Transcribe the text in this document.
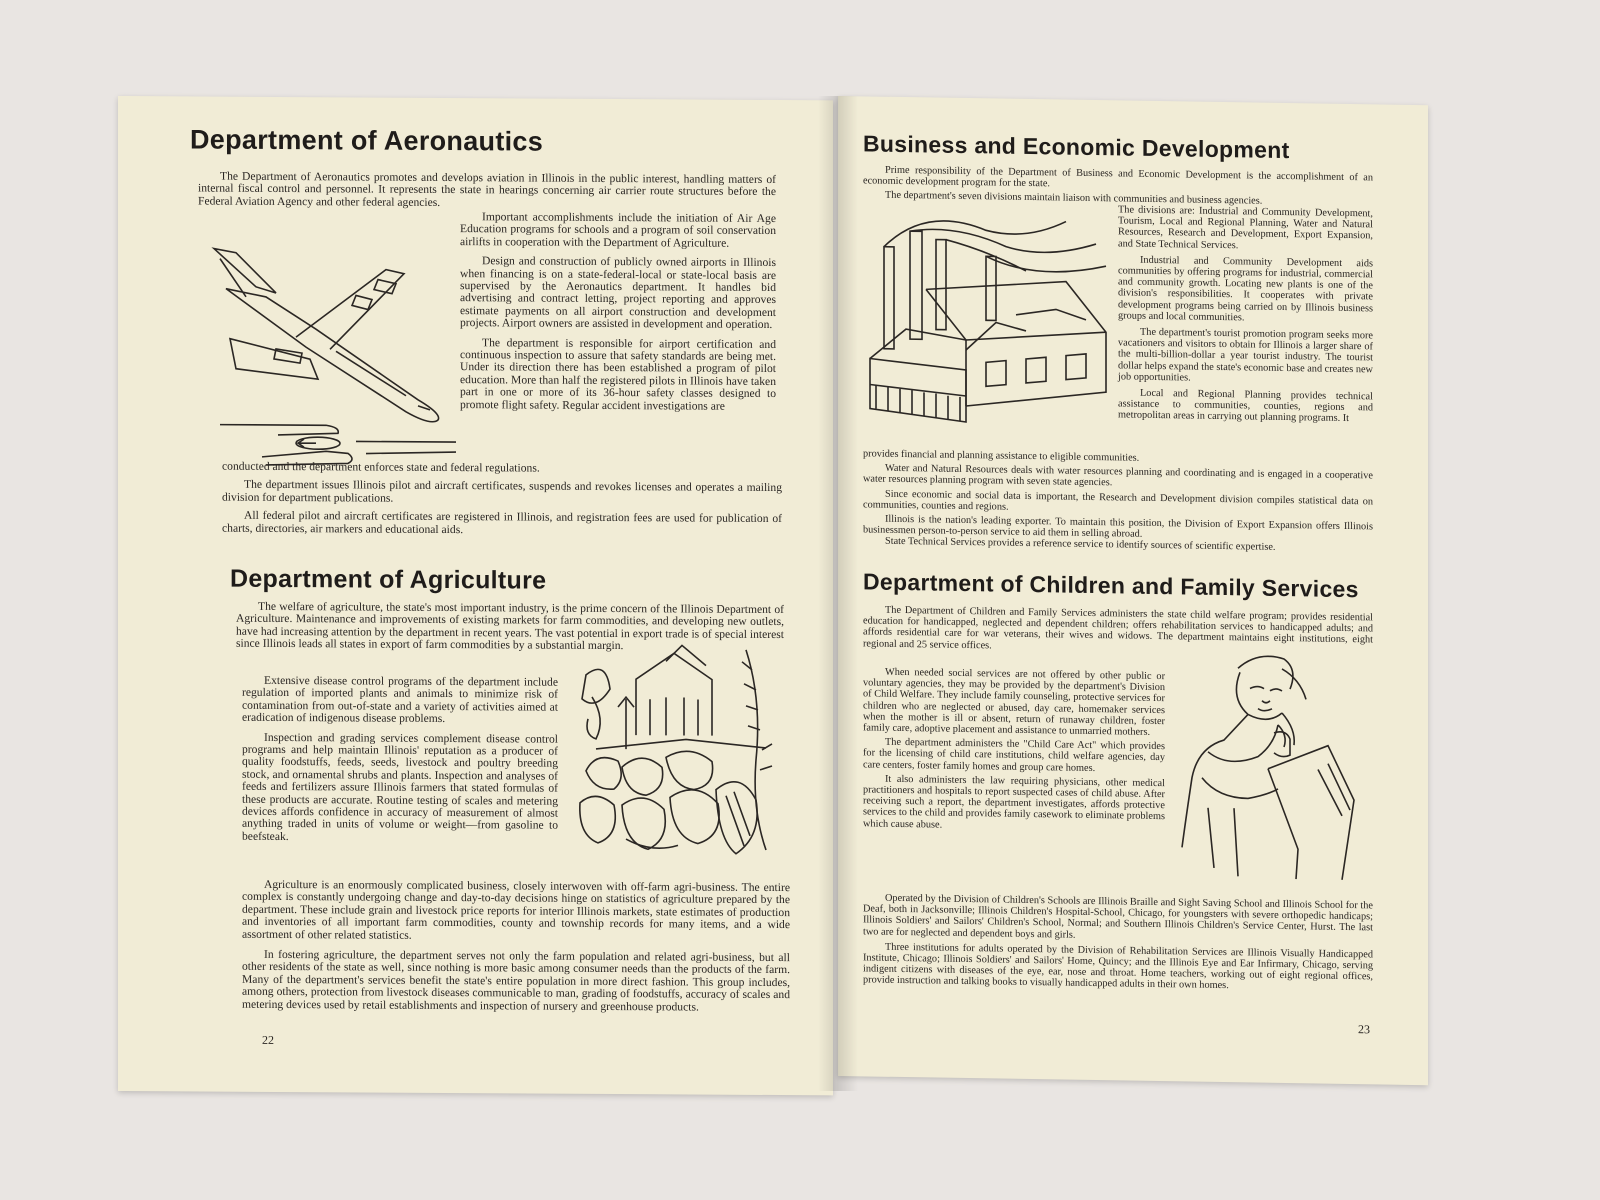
Department of Aeronautics

The Department of Aeronautics promotes and develops aviation in Illinois in the public interest, handling matters of internal fiscal control and personnel. It represents the state in hearings concerning air carrier route structures before the Federal Aviation Agency and other federal agencies.

Important accomplishments include the initiation of Air Age Education programs for schools and a program of soil conservation airlifts in cooperation with the Department of Agriculture.

Design and construction of publicly owned airports in Illinois when financing is on a state-federal-local or state-local basis are supervised by the Aeronautics department. It handles bid advertising and contract letting, project reporting and approves estimate payments on all airport construction and development projects. Airport owners are assisted in development and operation.

The department is responsible for airport certification and continuous inspection to assure that safety standards are being met. Under its direction there has been established a program of pilot education. More than half the registered pilots in Illinois have taken part in one or more of its 36-hour safety classes designed to promote flight safety. Regular accident investigations are

conducted and the department enforces state and federal regulations.

The department issues Illinois pilot and aircraft certificates, suspends and revokes licenses and operates a mailing division for department publications.

All federal pilot and aircraft certificates are registered in Illinois, and registration fees are used for publication of charts, directories, air markers and educational aids.

Department of Agriculture

The welfare of agriculture, the state's most important industry, is the prime concern of the Illinois Department of Agriculture. Maintenance and improvements of existing markets for farm commodities, and developing new outlets, have had increasing attention by the department in recent years. The vast potential in export trade is of special interest since Illinois leads all states in export of farm commodities by a substantial margin.

Extensive disease control programs of the department include regulation of imported plants and animals to minimize risk of contamination from out-of-state and a variety of activities aimed at eradication of indigenous disease problems.

Inspection and grading services complement disease control programs and help maintain Illinois' reputation as a producer of quality foodstuffs, feeds, seeds, livestock and poultry breeding stock, and ornamental shrubs and plants. Inspection and analyses of feeds and fertilizers assure Illinois farmers that stated formulas of these products are accurate. Routine testing of scales and metering devices affords confidence in accuracy of measurement of almost anything traded in units of volume or weight—from gasoline to beefsteak.

Agriculture is an enormously complicated business, closely interwoven with off-farm agri-business. The entire complex is constantly undergoing change and day-to-day decisions hinge on statistics of agriculture prepared by the department. These include grain and livestock price reports for interior Illinois markets, state estimates of production and inventories of all important farm commodities, county and township records for many items, and a wide assortment of other related statistics.

In fostering agriculture, the department serves not only the farm population and related agri-business, but all other residents of the state as well, since nothing is more basic among consumer needs than the products of the farm. Many of the department's services benefit the state's entire population in more direct fashion. This group includes, among others, protection from livestock diseases communicable to man, grading of foodstuffs, accuracy of scales and metering devices used by retail establishments and inspection of nursery and greenhouse products.

22
Business and Economic Development

Prime responsibility of the Department of Business and Economic Development is the accomplishment of an economic development program for the state.

The department's seven divisions maintain liaison with communities and business agencies.

The divisions are: Industrial and Community Development, Tourism, Local and Regional Planning, Water and Natural Resources, Research and Development, Export Expansion, and State Technical Services.

Industrial and Community Development aids communities by offering programs for industrial, commercial and community growth. Locating new plants is one of the division's responsibilities. It cooperates with private development programs being carried on by Illinois business groups and local communities.

The department's tourist promotion program seeks more vacationers and visitors to obtain for Illinois a larger share of the multi-billion-dollar a year tourist industry. The tourist dollar helps expand the state's economic base and creates new job opportunities.

Local and Regional Planning provides technical assistance to communities, counties, regions and metropolitan areas in carrying out planning programs. It

provides financial and planning assistance to eligible communities.

Water and Natural Resources deals with water resources planning and coordinating and is engaged in a cooperative water resources planning program with seven state agencies.

Since economic and social data is important, the Research and Development division compiles statistical data on communities, counties and regions.

Illinois is the nation's leading exporter. To maintain this position, the Division of Export Expansion offers Illinois businessmen person-to-person service to aid them in selling abroad.

State Technical Services provides a reference service to identify sources of scientific expertise.

Department of Children and Family Services

The Department of Children and Family Services administers the state child welfare program; provides residential education for handicapped, neglected and dependent children; offers rehabilitation services to handicapped adults; and affords residential care for war veterans, their wives and widows. The department maintains eight institutions, eight regional and 25 service offices.

When needed social services are not offered by other public or voluntary agencies, they may be provided by the department's Division of Child Welfare. They include family counseling, protective services for children who are neglected or abused, day care, homemaker services when the mother is ill or absent, return of runaway children, foster family care, adoptive placement and assistance to unmarried mothers.

The department administers the "Child Care Act" which provides for the licensing of child care institutions, child welfare agencies, day care centers, foster family homes and group care homes.

It also administers the law requiring physicians, other medical practitioners and hospitals to report suspected cases of child abuse. After receiving such a report, the department investigates, affords protective services to the child and provides family casework to eliminate problems which cause abuse.

Operated by the Division of Children's Schools are Illinois Braille and Sight Saving School and Illinois School for the Deaf, both in Jacksonville; Illinois Children's Hospital-School, Chicago, for youngsters with severe orthopedic handicaps; Illinois Soldiers' and Sailors' Children's School, Normal; and Southern Illinois Children's Service Center, Hurst. The last two are for neglected and dependent boys and girls.

Three institutions for adults operated by the Division of Rehabilitation Services are Illinois Visually Handicapped Institute, Chicago; Illinois Soldiers' and Sailors' Home, Quincy; and the Illinois Eye and Ear Infirmary, Chicago, serving indigent citizens with diseases of the eye, ear, nose and throat. Home teachers, working out of eight regional offices, provide instruction and talking books to visually handicapped adults in their own homes.

23
